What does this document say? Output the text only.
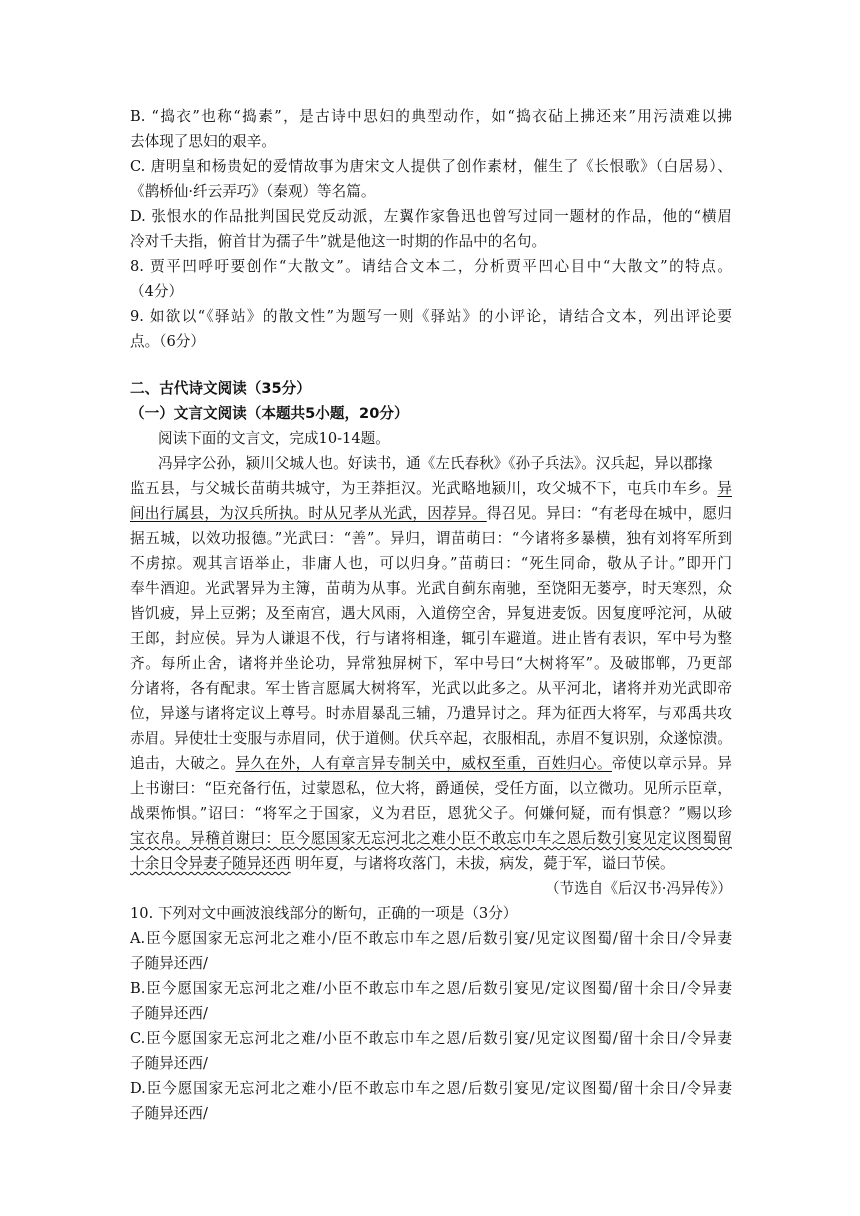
B. “捣衣”也称“捣素”，是古诗中思妇的典型动作，如“捣衣砧上拂还来”用污渍难以拂
去体现了思妇的艰辛。
C. 唐明皇和杨贵妃的爱情故事为唐宋文人提供了创作素材，催生了《长恨歌》（白居易）、
《鹊桥仙·纤云弄巧》（秦观）等名篇。
D. 张恨水的作品批判国民党反动派，左翼作家鲁迅也曾写过同一题材的作品，他的“横眉
冷对千夫指，俯首甘为孺子牛”就是他这一时期的作品中的名句。
8. 贾平凹呼吁要创作“大散文”。请结合文本二，分析贾平凹心目中“大散文”的特点。
（4分）
9. 如欲以“《驿站》的散文性”为题写一则《驿站》的小评论，请结合文本，列出评论要
点。（6分）
二、古代诗文阅读（35分）
（一）文言文阅读（本题共5小题，20分）
阅读下面的文言文，完成10-14题。
冯异字公孙，颍川父城人也。好读书，通《左氏春秋》《孙子兵法》。汉兵起，异以郡掾
监五县，与父城长苗萌共城守，为王莽拒汉。光武略地颍川，攻父城不下，屯兵巾车乡。异
间出行属县，为汉兵所执。时从兄孝从光武，因荐异。得召见。异曰：“有老母在城中，愿归
据五城，以效功报德。”光武曰：“善”。异归，谓苗萌曰：“今诸将多暴横，独有刘将军所到
不虏掠。观其言语举止，非庸人也，可以归身。”苗萌曰：“死生同命，敬从子计。”即开门
奉牛酒迎。光武署异为主簿，苗萌为从事。光武自蓟东南驰，至饶阳无蒌亭，时天寒烈，众
皆饥疲，异上豆粥；及至南宫，遇大风雨，入道傍空舍，异复进麦饭。因复度呼沱河，从破
王郎，封应侯。异为人谦退不伐，行与诸将相逢，辄引车避道。进止皆有表识，军中号为整
齐。每所止舍，诸将并坐论功，异常独屏树下，军中号曰“大树将军”。及破邯郸，乃更部
分诸将，各有配隶。军士皆言愿属大树将军，光武以此多之。从平河北，诸将并劝光武即帝
位，异遂与诸将定议上尊号。时赤眉暴乱三辅，乃遣异讨之。拜为征西大将军，与邓禹共攻
赤眉。异使壮士变服与赤眉同，伏于道侧。伏兵卒起，衣服相乱，赤眉不复识别，众遂惊溃。
追击，大破之。异久在外，人有章言异专制关中，威权至重，百姓归心。帝使以章示异。异
上书谢曰：“臣充备行伍，过蒙恩私，位大将，爵通侯，受任方面，以立微功。见所示臣章，
战栗怖惧。”诏曰：“将军之于国家，义为君臣，恩犹父子。何嫌何疑，而有惧意？”赐以珍
宝衣帛。异稽首谢曰：臣今愿国家无忘河北之难小臣不敢忘巾车之恩后数引宴见定议图蜀留
十余日令异妻子随异还西 明年夏，与诸将攻落门，未拔，病发，薨于军，谥曰节侯。
（节选自《后汉书·冯异传》）
10. 下列对文中画波浪线部分的断句，正确的一项是（3分）
A.臣今愿国家无忘河北之难小/臣不敢忘巾车之恩/后数引宴/见定议图蜀/留十余日/令异妻
子随异还西/
B.臣今愿国家无忘河北之难/小臣不敢忘巾车之恩/后数引宴见/定议图蜀/留十余日/令异妻
子随异还西/
C.臣今愿国家无忘河北之难/小臣不敢忘巾车之恩/后数引宴/见定议图蜀/留十余日/令异妻
子随异还西/
D.臣今愿国家无忘河北之难小/臣不敢忘巾车之恩/后数引宴见/定议图蜀/留十余日/令异妻
子随异还西/
